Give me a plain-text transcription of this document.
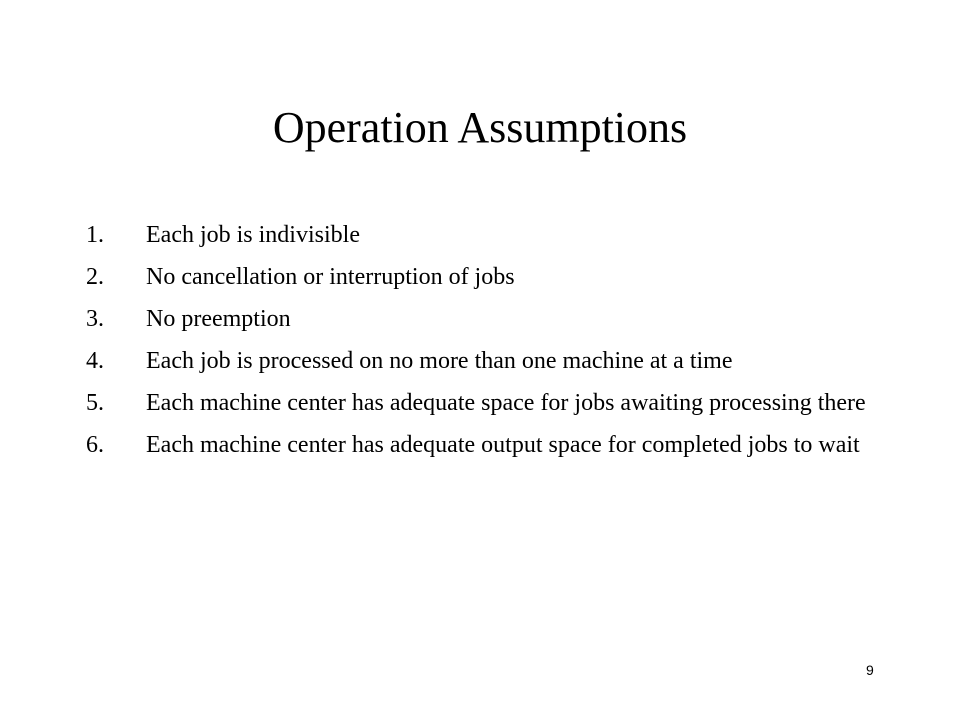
Operation Assumptions
1.	Each job is indivisible
2.	No cancellation or interruption of jobs
3.	No preemption
4.	Each job is processed on no more than one machine at a time
5.	Each machine center has adequate space for jobs awaiting processing there
6.	Each machine center has adequate output space for completed jobs to wait
9
